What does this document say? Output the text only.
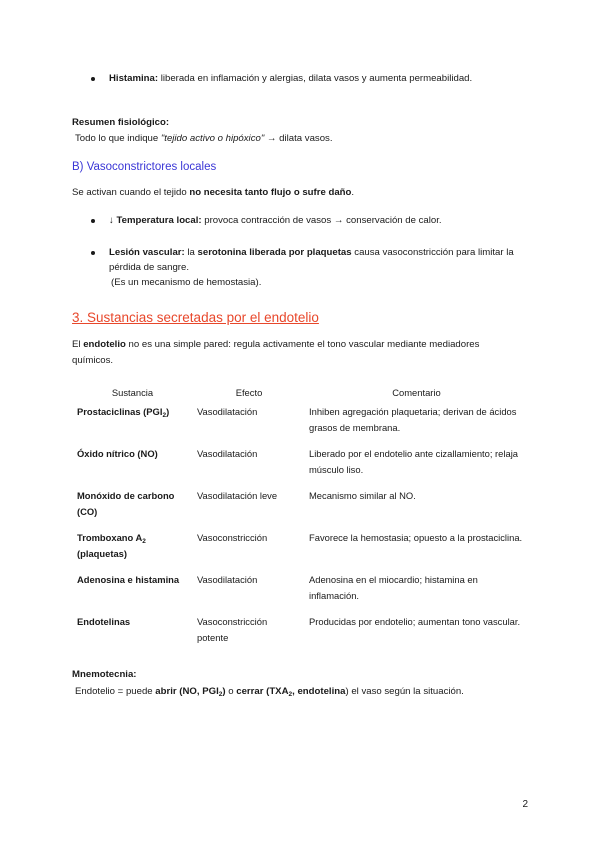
Histamina: liberada en inflamación y alergias, dilata vasos y aumenta permeabilidad.
Resumen fisiológico:
Todo lo que indique "tejido activo o hipóxico" → dilata vasos.
B) Vasoconstrictores locales
Se activan cuando el tejido no necesita tanto flujo o sufre daño.
↓ Temperatura local: provoca contracción de vasos → conservación de calor.
Lesión vascular: la serotonina liberada por plaquetas causa vasoconstricción para limitar la
pérdida de sangre.
(Es un mecanismo de hemostasia).
3. Sustancias secretadas por el endotelio
El endotelio no es una simple pared: regula activamente el tono vascular mediante mediadores
químicos.
Sustancia	Efecto	Comentario
Prostaciclinas $(PGI_2)$	Vasodilatación	Inhiben agregación plaquetaria; derivan de ácidos grasos de membrana.
Óxido nítrico (NO)	Vasodilatación	Liberado por el endotelio ante cizallamiento; relaja músculo liso.
Monóxido de carbono (CO)	Vasodilatación leve	Mecanismo similar al NO.
Tromboxano $A_2$ (plaquetas)	Vasoconstricción	Favorece la hemostasia; opuesto a la prostaciclina.
Adenosina e histamina	Vasodilatación	Adenosina en el miocardio; histamina en inflamación.
Endotelinas	Vasoconstricción potente	Producidas por endotelio; aumentan tono vascular.
Mnemotecnia:
Endotelio = puede abrir (NO, $PGI_2$) o cerrar ($TXA_2$, endotelina) el vaso según la situación.
2
